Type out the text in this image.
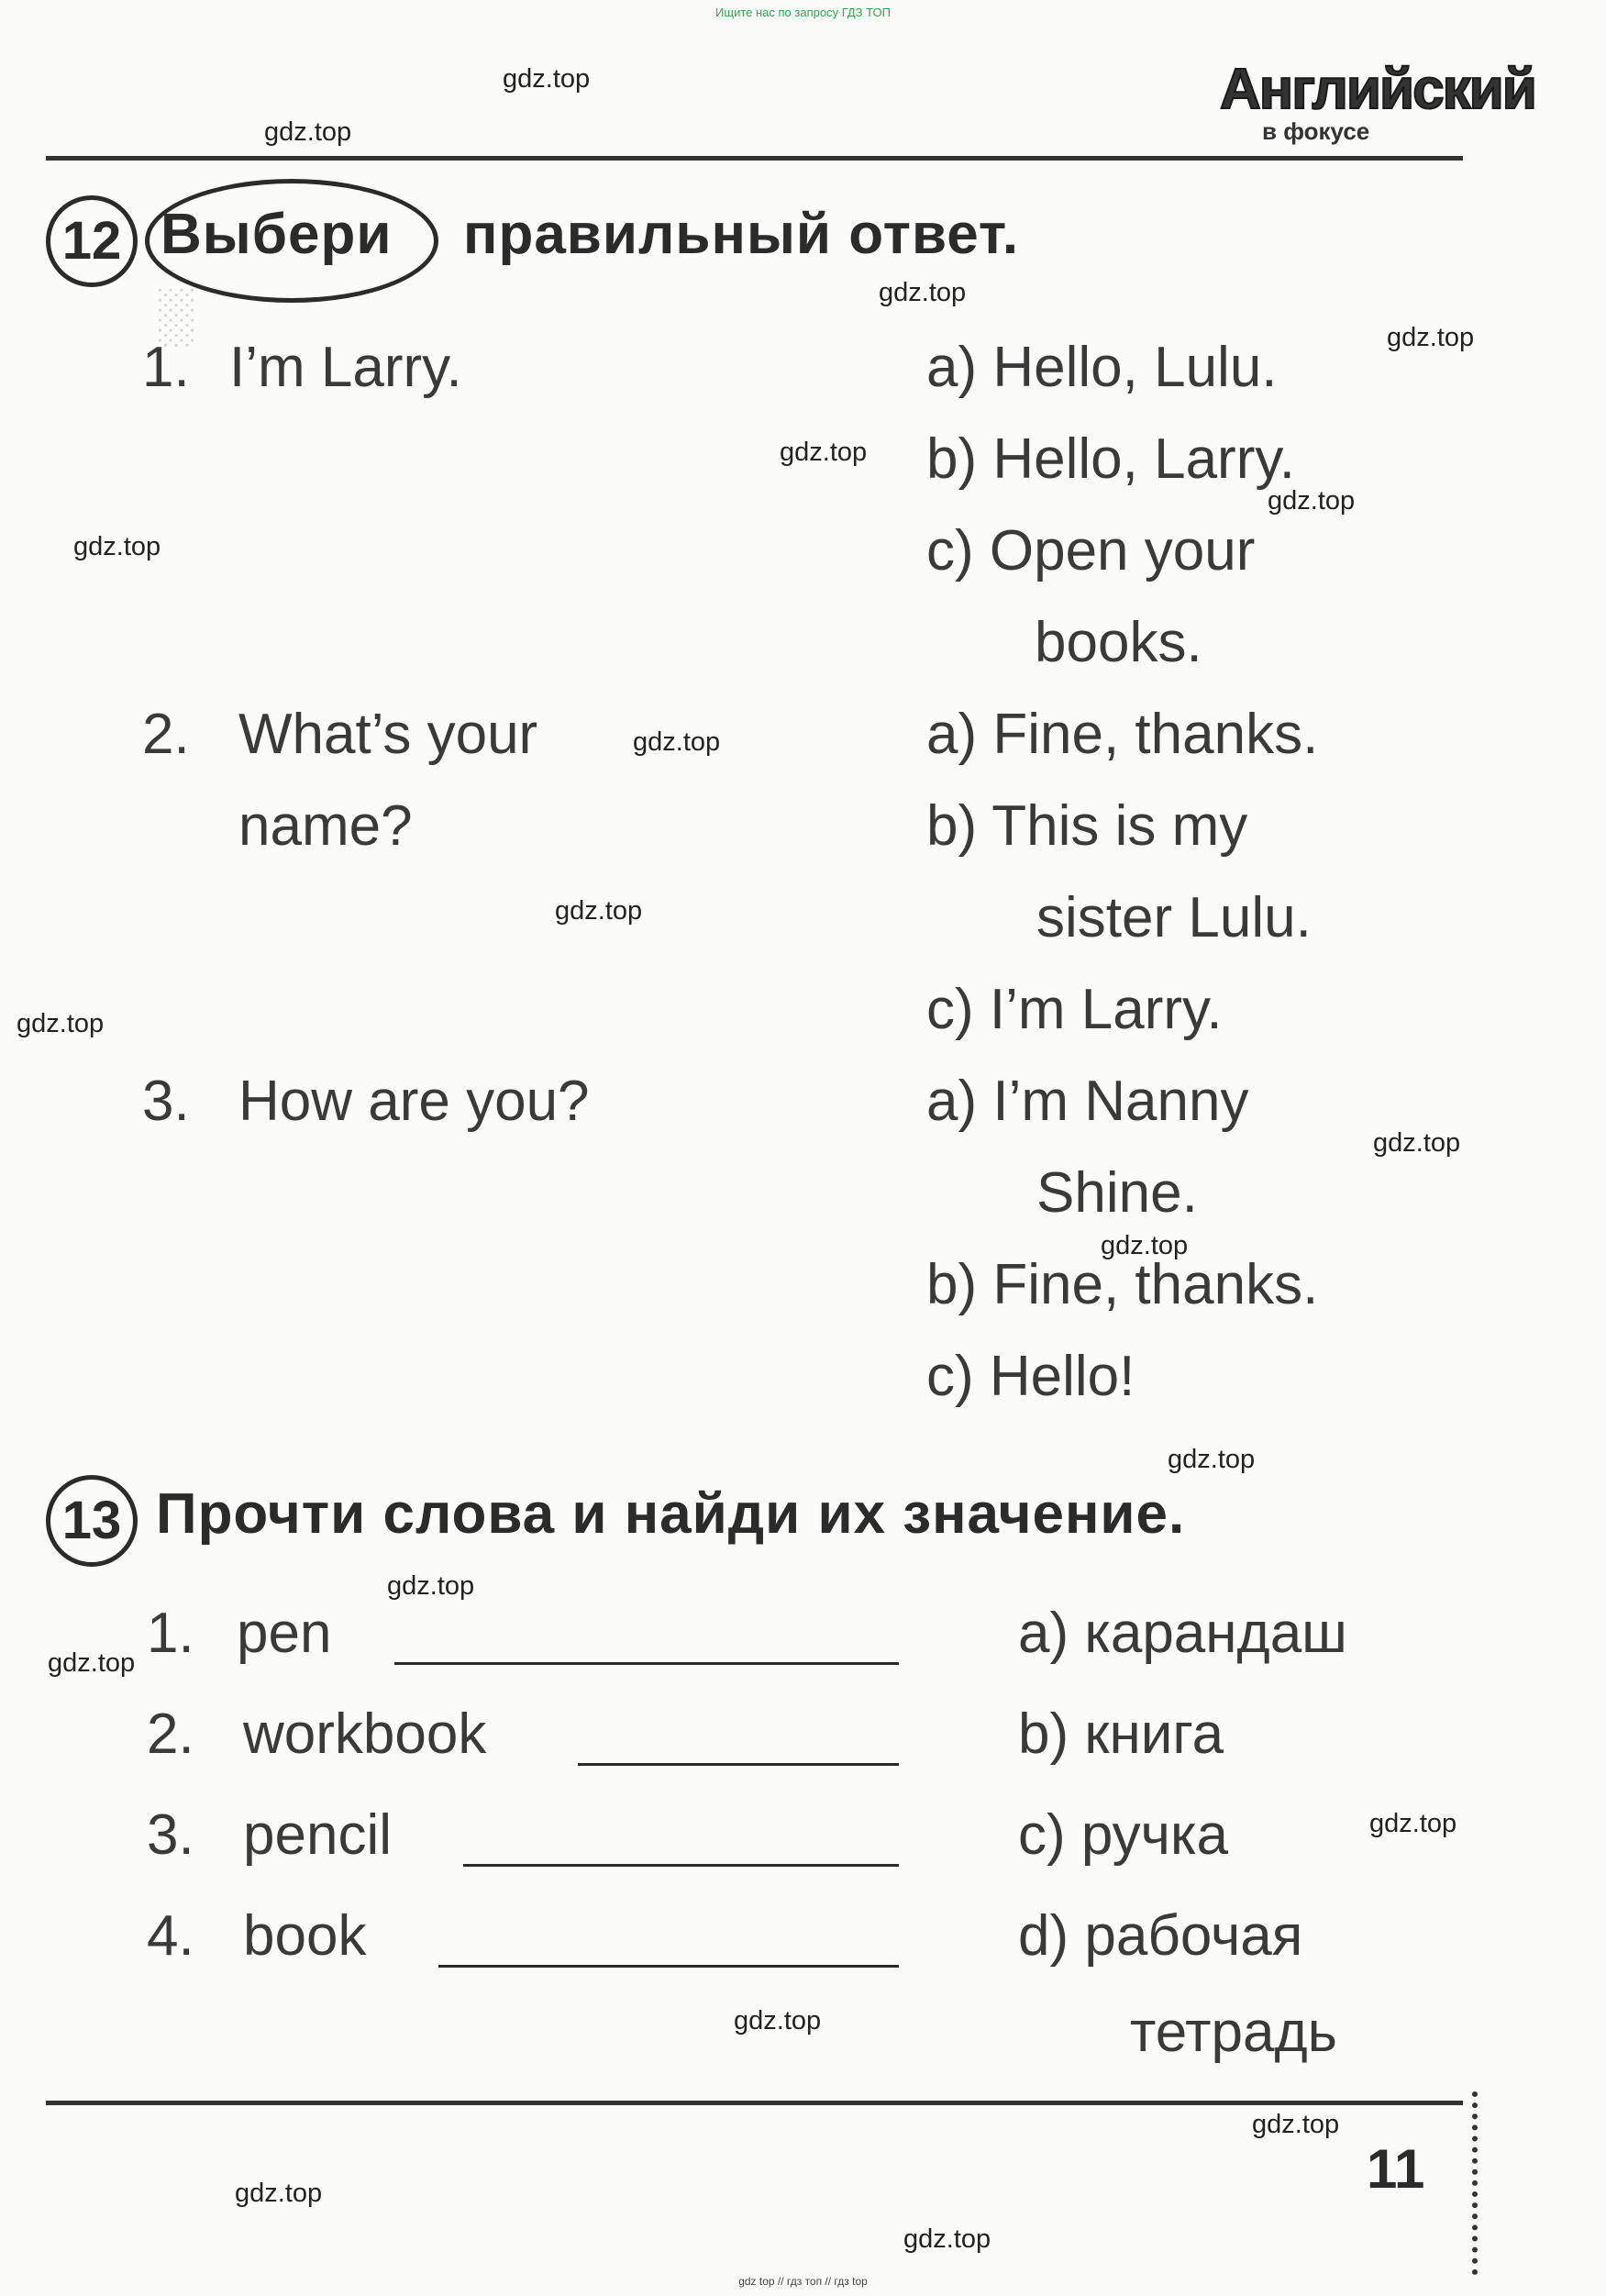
Ищите нас по запросу ГДЗ ТОП
Английский
в фокусе
░
12 Выбери правильный ответ.
1. I’m Larry.	a) Hello, Lulu.
b) Hello, Larry.
c) Open your
books.
2. What’s your
name?
a) Fine, thanks.
b) This is my
sister Lulu.
c) I’m Larry.
3. How are you?	a) I’m Nanny
Shine.
b) Fine, thanks.
c) Hello!
13 Прочти слова и найди их значение.
1. pen
2. workbook
3. pencil
4. book
a) карандаш
b) книга
c) ручка
d) рабочая
тетрадь
11
gdz.top
gdz.top
gdz.top
gdz.top
gdz.top
gdz.top
gdz.top
gdz.top
gdz.top
gdz.top
gdz.top
gdz.top
gdz.top
gdz.top
gdz.top
gdz.top
gdz.top
gdz.top
gdz.top
gdz.top
gdz top // гдз топ // гдз top
